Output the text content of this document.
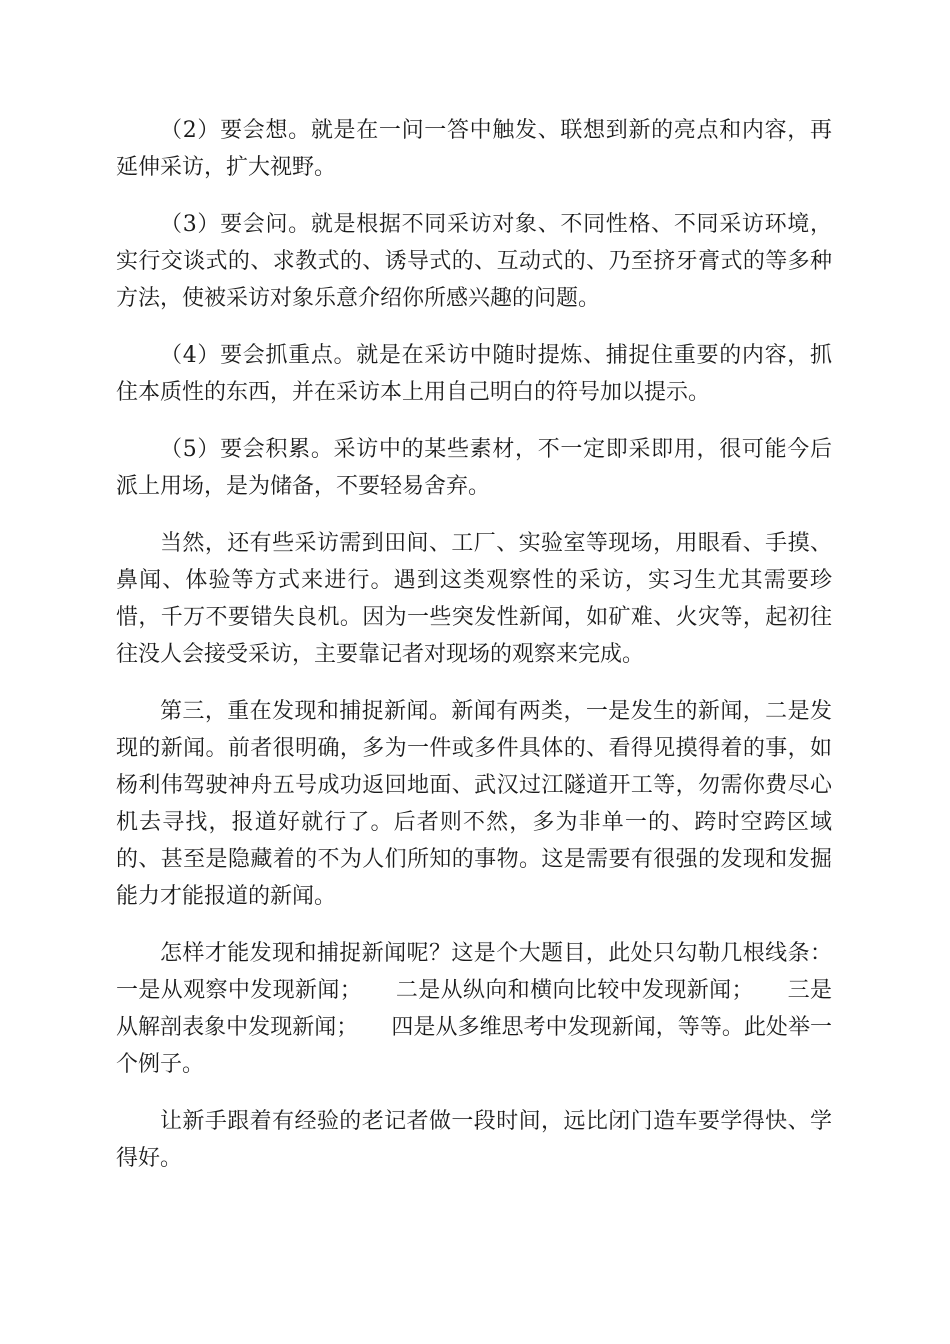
（2）要会想。就是在一问一答中触发、联想到新的亮点和内容，再延伸采访，扩大视野。

（3）要会问。就是根据不同采访对象、不同性格、不同采访环境，实行交谈式的、求教式的、诱导式的、互动式的、乃至挤牙膏式的等多种方法，使被采访对象乐意介绍你所感兴趣的问题。

（4）要会抓重点。就是在采访中随时提炼、捕捉住重要的内容，抓住本质性的东西，并在采访本上用自己明白的符号加以提示。

（5）要会积累。采访中的某些素材，不一定即采即用，很可能今后派上用场，是为储备，不要轻易舍弃。

当然，还有些采访需到田间、工厂、实验室等现场，用眼看、手摸、鼻闻、体验等方式来进行。遇到这类观察性的采访，实习生尤其需要珍惜，千万不要错失良机。因为一些突发性新闻，如矿难、火灾等，起初往往没人会接受采访，主要靠记者对现场的观察来完成。

第三，重在发现和捕捉新闻。新闻有两类，一是发生的新闻，二是发现的新闻。前者很明确，多为一件或多件具体的、看得见摸得着的事，如杨利伟驾驶神舟五号成功返回地面、武汉过江隧道开工等，勿需你费尽心机去寻找，报道好就行了。后者则不然，多为非单一的、跨时空跨区域的、甚至是隐藏着的不为人们所知的事物。这是需要有很强的发现和发掘能力才能报道的新闻。

怎样才能发现和捕捉新闻呢？这是个大题目，此处只勾勒几根线条：一是从观察中发现新闻；　　二是从纵向和横向比较中发现新闻；　　三是从解剖表象中发现新闻；　　四是从多维思考中发现新闻，等等。此处举一个例子。

让新手跟着有经验的老记者做一段时间，远比闭门造车要学得快、学得好。
